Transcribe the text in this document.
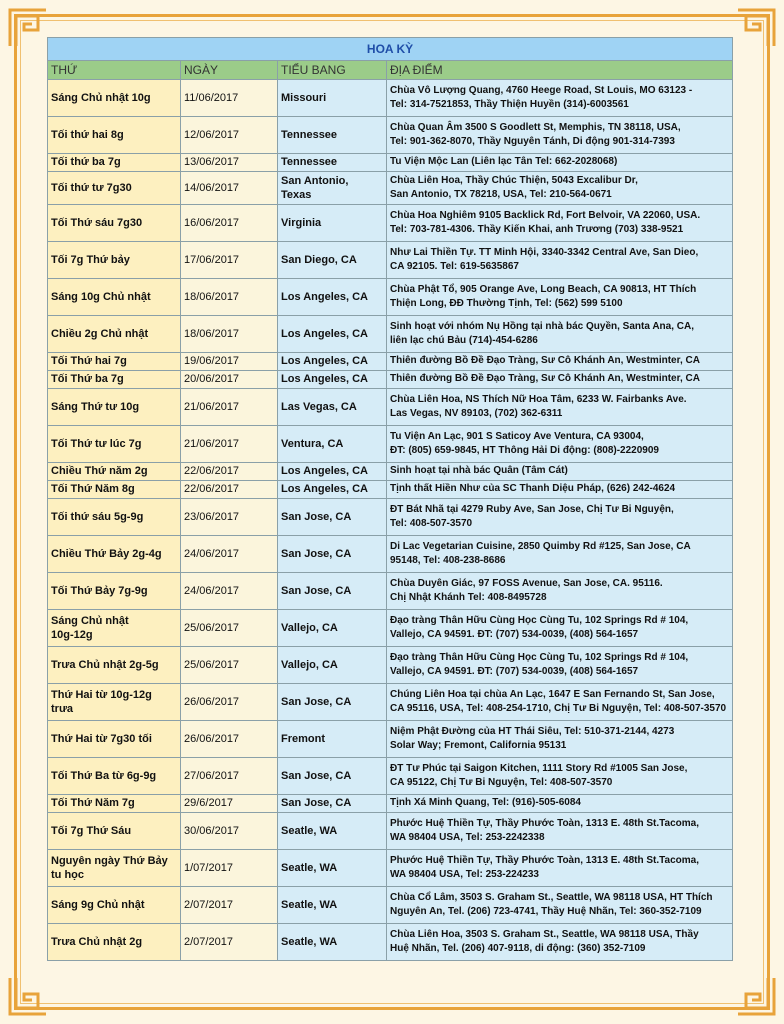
HOA KỲ			
THỨ	NGÀY	TIỂU BANG	ĐỊA ĐIỂM
Sáng Chủ nhật 10g	11/06/2017	Missouri	Chùa Vô Lượng Quang, 4760 Heege Road, St Louis, MO 63123 -
Tel: 314-7521853, Thầy Thiện Huyền (314)-6003561
Tối thứ hai 8g	12/06/2017	Tennessee	Chùa Quan Âm 3500 S Goodlett St, Memphis, TN 38118, USA,
Tel: 901-362-8070, Thầy Nguyên Tánh, Di động 901-314-7393
Tối thứ ba 7g	13/06/2017	Tennessee	Tu Viện Mộc Lan (Liên lạc Tân Tel: 662-2028068)
Tối thứ tư 7g30	14/06/2017	San Antonio,
Texas	Chùa Liên Hoa, Thầy Chúc Thiện, 5043 Excalibur Dr,
San Antonio, TX 78218, USA, Tel: 210-564-0671
Tối Thứ sáu 7g30	16/06/2017	Virginia	Chùa Hoa Nghiêm 9105 Backlick Rd, Fort Belvoir, VA 22060, USA.
Tel: 703-781-4306. Thầy Kiến Khai, anh Trương (703) 338-9521
Tối 7g Thứ bảy	17/06/2017	San Diego, CA	Như Lai Thiền Tự. TT Minh Hội, 3340-3342 Central Ave, San Dieo,
CA 92105. Tel: 619-5635867
Sáng 10g Chủ nhật	18/06/2017	Los Angeles, CA	Chùa Phật Tổ, 905 Orange Ave, Long Beach, CA 90813, HT Thích
Thiện Long, ĐĐ Thường Tịnh, Tel: (562) 599 5100
Chiều 2g Chủ nhật	18/06/2017	Los Angeles, CA	Sinh hoạt với nhóm Nụ Hồng tại nhà bác Quyền, Santa Ana, CA,
liên lạc chú Bảu (714)-454-6286
Tối Thứ hai 7g	19/06/2017	Los Angeles, CA	Thiên đường Bồ Đề Đạo Tràng, Sư Cô Khánh An, Westminter, CA
Tối Thứ ba 7g	20/06/2017	Los Angeles, CA	Thiên đường Bồ Đề Đạo Tràng, Sư Cô Khánh An, Westminter, CA
Sáng Thứ tư 10g	21/06/2017	Las Vegas, CA	Chùa Liên Hoa, NS Thích Nữ Hoa Tâm, 6233 W. Fairbanks Ave.
Las Vegas, NV 89103, (702) 362-6311
Tối Thứ tư lúc 7g	21/06/2017	Ventura, CA	Tu Viện An Lạc, 901 S Saticoy Ave Ventura, CA 93004,
ĐT: (805) 659-9845, HT Thông Hải Di động: (808)-2220909
Chiều Thứ năm 2g	22/06/2017	Los Angeles, CA	Sinh hoạt tại nhà bác Quân (Tâm Cát)
Tối Thứ Năm 8g	22/06/2017	Los Angeles, CA	Tịnh thất Hiền Như của SC Thanh Diệu Pháp, (626) 242-4624
Tối thứ sáu 5g-9g	23/06/2017	San Jose, CA	ĐT Bát Nhã tại 4279 Ruby Ave, San Jose, Chị Tư Bi Nguyện,
Tel: 408-507-3570
Chiều Thứ Bảy 2g-4g	24/06/2017	San Jose, CA	Di Lac Vegetarian Cuisine, 2850 Quimby Rd #125, San Jose, CA
95148, Tel: 408-238-8686
Tối Thứ Bảy 7g-9g	24/06/2017	San Jose, CA	Chùa Duyên Giác, 97 FOSS Avenue, San Jose, CA. 95116.
Chị Nhật Khánh Tel: 408-8495728
Sáng Chủ nhật
10g-12g	25/06/2017	Vallejo, CA	Đạo tràng Thân Hữu Cùng Học Cùng Tu, 102 Springs Rd # 104,
Vallejo, CA 94591. ĐT: (707) 534-0039, (408) 564-1657
Trưa Chủ nhật 2g-5g	25/06/2017	Vallejo, CA	Đạo tràng Thân Hữu Cùng Học Cùng Tu, 102 Springs Rd # 104,
Vallejo, CA 94591. ĐT: (707) 534-0039, (408) 564-1657
Thứ Hai từ 10g-12g
trưa	26/06/2017	San Jose, CA	Chúng Liên Hoa tại chùa An Lạc, 1647 E San Fernando St, San Jose,
CA 95116, USA, Tel: 408-254-1710, Chị Tư Bi Nguyện, Tel: 408-507-3570
Thứ Hai từ 7g30 tối	26/06/2017	Fremont	Niệm Phật Đường của HT Thái Siêu, Tel: 510-371-2144, 4273
Solar Way; Fremont, California 95131
Tối Thứ Ba từ 6g-9g	27/06/2017	San Jose, CA	ĐT Tư Phúc tại Saigon Kitchen, 1111 Story Rd #1005 San Jose,
CA 95122, Chị Tư Bi Nguyện, Tel: 408-507-3570
Tối Thứ Năm 7g	29/6/2017	San Jose, CA	Tịnh Xá Minh Quang, Tel: (916)-505-6084
Tối 7g Thứ Sáu	30/06/2017	Seatle, WA	Phước Huệ Thiền Tự, Thầy Phước Toàn, 1313 E. 48th St.Tacoma,
WA 98404 USA, Tel: 253-2242338
Nguyên ngày Thứ Bảy
tu học	1/07/2017	Seatle, WA	Phước Huệ Thiền Tự, Thầy Phước Toàn, 1313 E. 48th St.Tacoma,
WA 98404 USA, Tel: 253-224233
Sáng 9g Chủ nhật	2/07/2017	Seatle, WA	Chùa Cổ Lâm, 3503 S. Graham St., Seattle, WA 98118 USA, HT Thích
Nguyên An, Tel. (206) 723-4741, Thầy Huệ Nhãn, Tel: 360-352-7109
Trưa Chủ nhật 2g	2/07/2017	Seatle, WA	Chùa Liên Hoa, 3503 S. Graham St., Seattle, WA 98118 USA, Thầy
Huệ Nhãn, Tel. (206) 407-9118, di động: (360) 352-7109
